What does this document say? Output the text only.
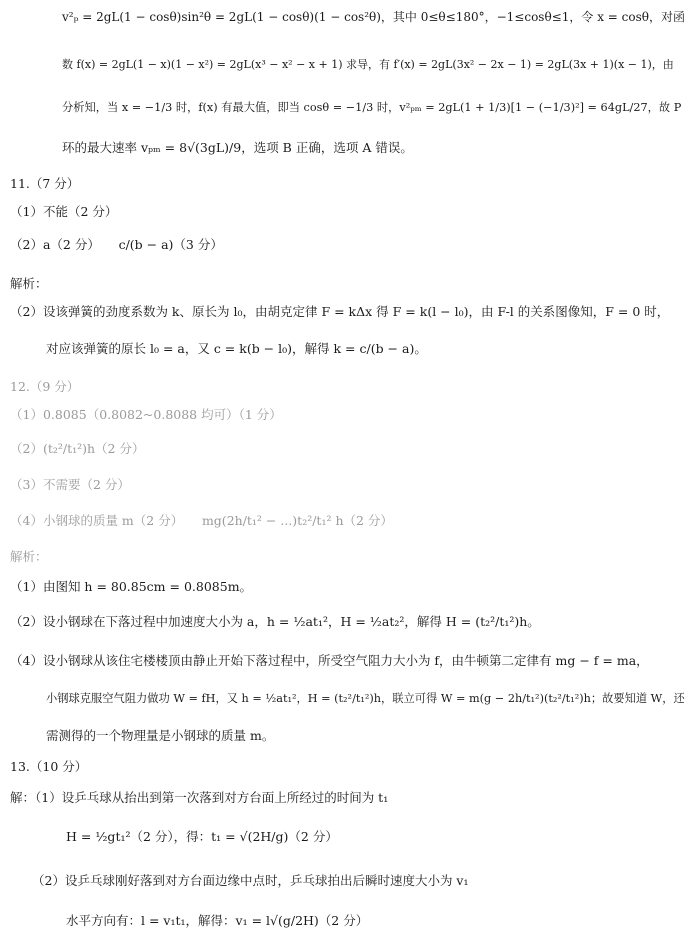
v²ₚ = 2gL(1 − cosθ)sin²θ = 2gL(1 − cosθ)(1 − cos²θ)，其中 0≤θ≤180°，−1≤cosθ≤1，令 x = cosθ，对函
数 f(x) = 2gL(1 − x)(1 − x²) = 2gL(x³ − x² − x + 1) 求导，有 f′(x) = 2gL(3x² − 2x − 1) = 2gL(3x + 1)(x − 1)，由
分析知，当 x = −1/3 时，f(x) 有最大值，即当 cosθ = −1/3 时，v²ₚₘ = 2gL(1 + 1/3)[1 − (−1/3)²] = 64gL/27，故 P
环的最大速率 vₚₘ = 8√(3gL)/9，选项 B 正确，选项 A 错误。
11.（7 分）
（1）不能（2 分）
（2）a（2 分）　　c/(b − a)（3 分）
解析：
（2）设该弹簧的劲度系数为 k、原长为 l₀，由胡克定律 F = kΔx 得 F = k(l − l₀)，由 F-l 的关系图像知，F = 0 时，
对应该弹簧的原长 l₀ = a，又 c = k(b − l₀)，解得 k = c/(b − a)。
12.（9 分）
（1）0.8085（0.8082~0.8088 均可）（1 分）
（2）(t₂²/t₁²)h（2 分）
（3）不需要（2 分）
（4）小钢球的质量 m（2 分）　　mg(2h/t₁² − ...)t₂²/t₁² h（2 分）
解析：
（1）由图知 h = 80.85cm = 0.8085m。
（2）设小钢球在下落过程中加速度大小为 a，h = ½at₁²，H = ½at₂²，解得 H = (t₂²/t₁²)h。
（4）设小钢球从该住宅楼楼顶由静止开始下落过程中，所受空气阻力大小为 f，由牛顿第二定律有 mg − f = ma，
小钢球克服空气阻力做功 W = fH，又 h = ½at₁²，H = (t₂²/t₁²)h，联立可得 W = m(g − 2h/t₁²)(t₂²/t₁²)h；故要知道 W，还
需测得的一个物理量是小钢球的质量 m。
13.（10 分）
解：（1）设乒乓球从抬出到第一次落到对方台面上所经过的时间为 t₁
H = ½gt₁²（2 分），得：t₁ = √(2H/g)（2 分）
（2）设乒乓球刚好落到对方台面边缘中点时，乒乓球拍出后瞬时速度大小为 v₁
水平方向有：l = v₁t₁，解得：v₁ = l√(g/2H)（2 分）
